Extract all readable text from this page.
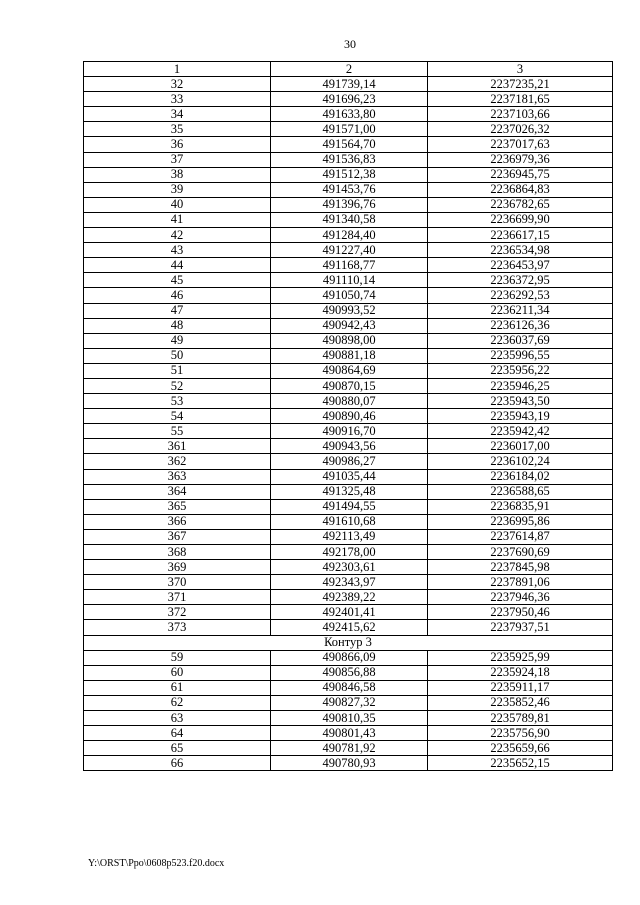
30
1	2	3
32	491739,14	2237235,21
33	491696,23	2237181,65
34	491633,80	2237103,66
35	491571,00	2237026,32
36	491564,70	2237017,63
37	491536,83	2236979,36
38	491512,38	2236945,75
39	491453,76	2236864,83
40	491396,76	2236782,65
41	491340,58	2236699,90
42	491284,40	2236617,15
43	491227,40	2236534,98
44	491168,77	2236453,97
45	491110,14	2236372,95
46	491050,74	2236292,53
47	490993,52	2236211,34
48	490942,43	2236126,36
49	490898,00	2236037,69
50	490881,18	2235996,55
51	490864,69	2235956,22
52	490870,15	2235946,25
53	490880,07	2235943,50
54	490890,46	2235943,19
55	490916,70	2235942,42
361	490943,56	2236017,00
362	490986,27	2236102,24
363	491035,44	2236184,02
364	491325,48	2236588,65
365	491494,55	2236835,91
366	491610,68	2236995,86
367	492113,49	2237614,87
368	492178,00	2237690,69
369	492303,61	2237845,98
370	492343,97	2237891,06
371	492389,22	2237946,36
372	492401,41	2237950,46
373	492415,62	2237937,51
Контур 3		
59	490866,09	2235925,99
60	490856,88	2235924,18
61	490846,58	2235911,17
62	490827,32	2235852,46
63	490810,35	2235789,81
64	490801,43	2235756,90
65	490781,92	2235659,66
66	490780,93	2235652,15
Y:\ORST\Ppo\0608p523.f20.docx
